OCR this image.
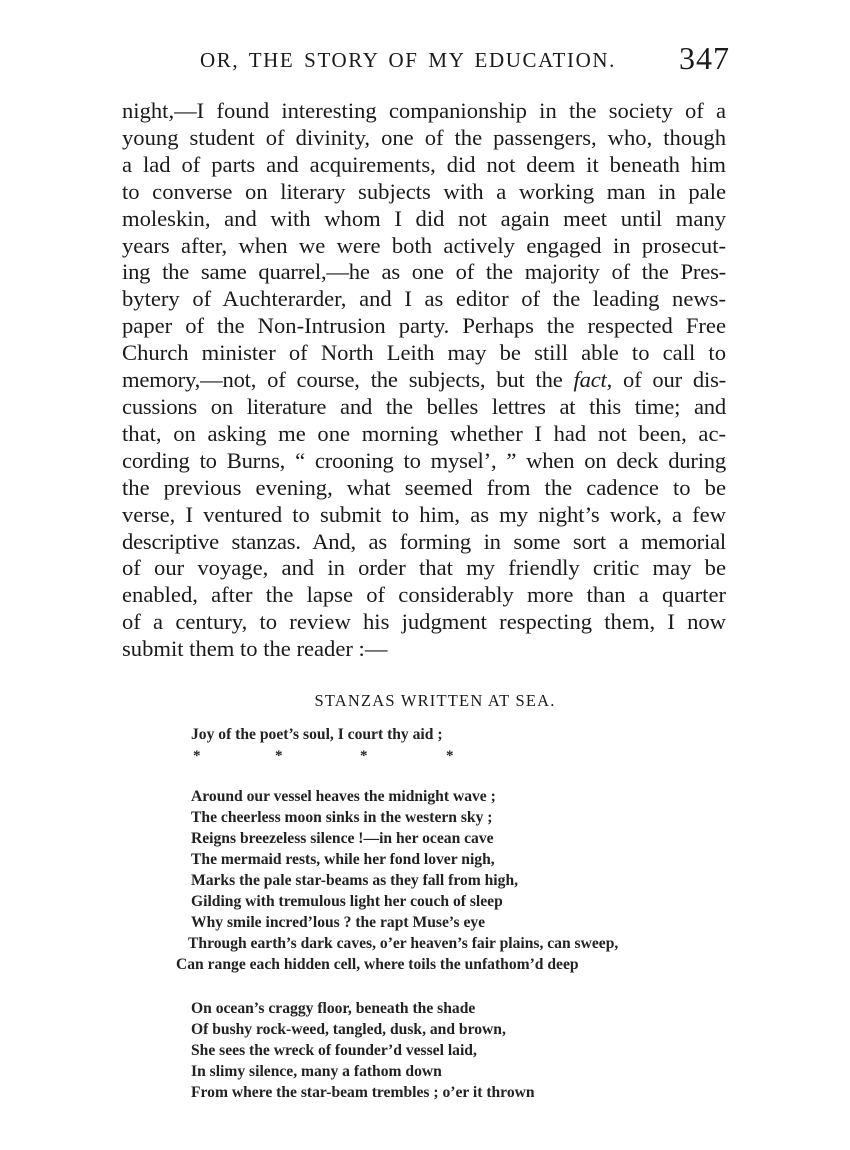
OR, THE STORY OF MY EDUCATION. 347
night,—I found interesting companionship in the society of a
young student of divinity, one of the passengers, who, though
a lad of parts and acquirements, did not deem it beneath him
to converse on literary subjects with a working man in pale
moleskin, and with whom I did not again meet until many
years after, when we were both actively engaged in prosecut-
ing the same quarrel,—he as one of the majority of the Pres-
bytery of Auchterarder, and I as editor of the leading news-
paper of the Non-Intrusion party. Perhaps the respected Free
Church minister of North Leith may be still able to call to
memory,—not, of course, the subjects, but the fact, of our dis-
cussions on literature and the belles lettres at this time; and
that, on asking me one morning whether I had not been, ac-
cording to Burns, “ crooning to mysel’, ” when on deck during
the previous evening, what seemed from the cadence to be
verse, I ventured to submit to him, as my night’s work, a few
descriptive stanzas. And, as forming in some sort a memorial
of our voyage, and in order that my friendly critic may be
enabled, after the lapse of considerably more than a quarter
of a century, to review his judgment respecting them, I now
submit them to the reader :—
STANZAS WRITTEN AT SEA.
Joy of the poet’s soul, I court thy aid ;
*	*	*	*
Around our vessel heaves the midnight wave ;
The cheerless moon sinks in the western sky ;
Reigns breezeless silence !—in her ocean cave
The mermaid rests, while her fond lover nigh,
Marks the pale star-beams as they fall from high,
Gilding with tremulous light her couch of sleep
Why smile incred’lous ? the rapt Muse’s eye
Through earth’s dark caves, o’er heaven’s fair plains, can sweep,
Can range each hidden cell, where toils the unfathom’d deep
On ocean’s craggy floor, beneath the shade
Of bushy rock-weed, tangled, dusk, and brown,
She sees the wreck of founder’d vessel laid,
In slimy silence, many a fathom down
From where the star-beam trembles ; o’er it thrown
